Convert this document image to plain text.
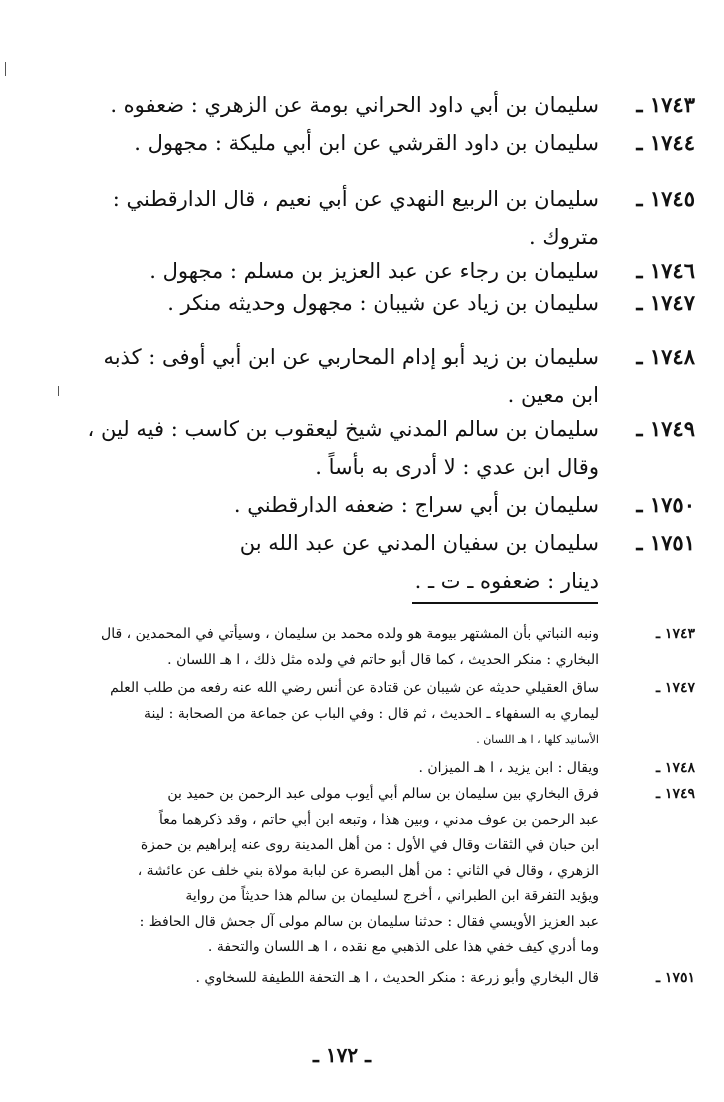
١٧٤٣ ـ
سليمان بن أبي داود الحراني بومة عن الزهري : ضعفوه .
١٧٤٤ ـ
سليمان بن داود القرشي عن ابن أبي مليكة : مجهول .
١٧٤٥ ـ
سليمان بن الربيع النهدي عن أبي نعيم ، قال الدارقطني :
متروك .
١٧٤٦ ـ
سليمان بن رجاء عن عبد العزيز بن مسلم : مجهول .
١٧٤٧ ـ
سليمان بن زياد عن شيبان : مجهول وحديثه منكر .
١٧٤٨ ـ
سليمان بن زيد أبو إدام المحاربي عن ابن أبي أوفى : كذبه
ابن معين .
١٧٤٩ ـ
سليمان بن سالم المدني شيخ ليعقوب بن كاسب : فيه لين ،
وقال ابن عدي : لا أدرى به بأساً .
١٧٥٠ ـ
سليمان بن أبي سراج : ضعفه الدارقطني .
١٧٥١ ـ
سليمان بن سفيان المدني عن عبد الله بن
دينار : ضعفوه ـ ت ـ .
١٧٤٣ ـ
ونبه النباتي بأن المشتهر بيومة هو ولده محمد بن سليمان ، وسيأتي في المحمدين ، قال
البخاري : منكر الحديث ، كما قال أبو حاتم في ولده مثل ذلك ، ا هـ اللسان .
١٧٤٧ ـ
ساق العقيلي حديثه عن شيبان عن قتادة عن أنس رضي الله عنه رفعه من طلب العلم
ليماري به السفهاء ـ الحديث ، ثم قال : وفي الباب عن جماعة من الصحابة : لينة
الأسانيد كلها ، ا هـ اللسان .
١٧٤٨ ـ
ويقال : ابن يزيد ، ا هـ الميزان .
١٧٤٩ ـ
فرق البخاري بين سليمان بن سالم أبي أيوب مولى عبد الرحمن بن حميد بن
عبد الرحمن بن عوف مدني ، وبين هذا ، وتبعه ابن أبي حاتم ، وقد ذكرهما معاً
ابن حبان في الثقات وقال في الأول : من أهل المدينة روى عنه إبراهيم بن حمزة
الزهري ، وقال في الثاني : من أهل البصرة عن لبابة مولاة بني خلف عن عائشة ،
ويؤيد التفرقة ابن الطبراني ، أخرج لسليمان بن سالم هذا حديثاً من رواية
عبد العزيز الأويسي فقال : حدثنا سليمان بن سالم مولى آل جحش قال الحافظ :
وما أدري كيف خفي هذا على الذهبي مع نقده ، ا هـ اللسان والتحفة .
١٧٥١ ـ
قال البخاري وأبو زرعة : منكر الحديث ، ا هـ التحفة اللطيفة للسخاوي .
ـ ١٧٢ ـ
